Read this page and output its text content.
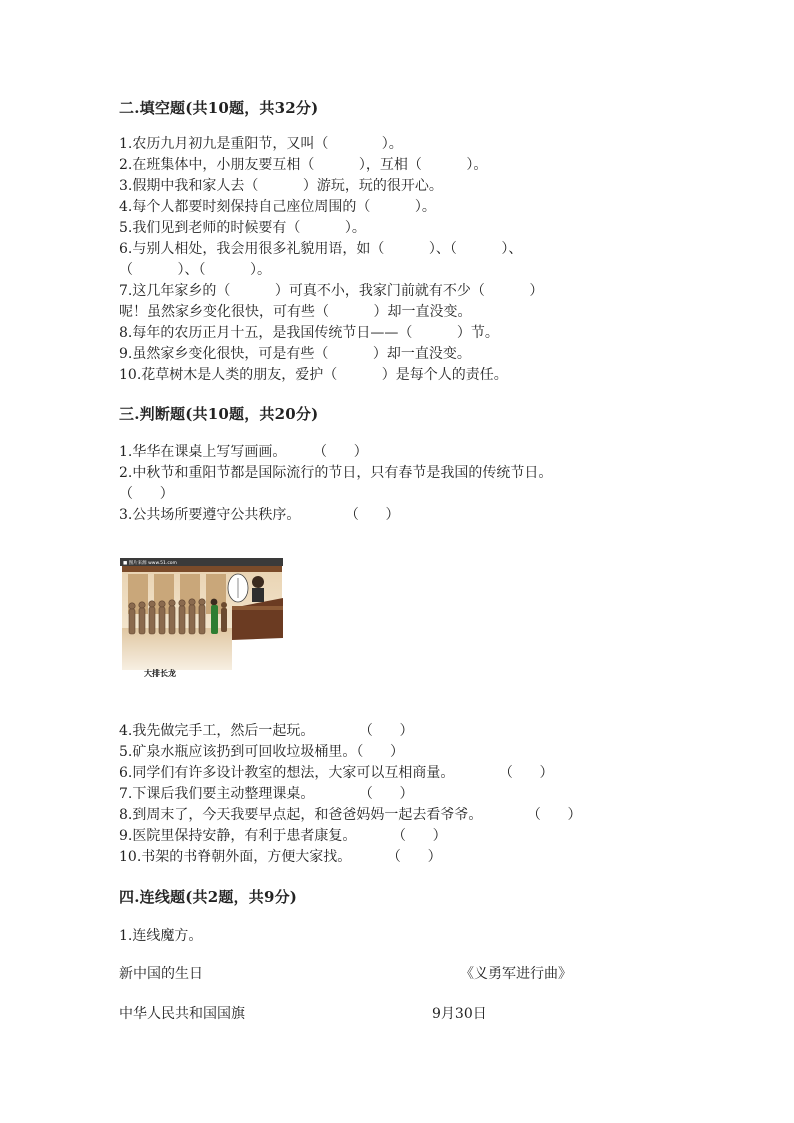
二.填空题(共10题，共32分)
1.农历九月初九是重阳节，又叫（            ）。
2.在班集体中，小朋友要互相（          ），互相（          ）。
3.假期中我和家人去（          ）游玩，玩的很开心。
4.每个人都要时刻保持自己座位周围的（          ）。
5.我们见到老师的时候要有（          ）。
6.与别人相处，我会用很多礼貌用语，如（          ）、（          ）、
（          ）、（          ）。
7.这几年家乡的（          ）可真不小，我家门前就有不少（          ）
呢！虽然家乡变化很快，可有些（          ）却一直没变。
8.每年的农历正月十五，是我国传统节日——（          ）节。
9.虽然家乡变化很快，可是有些（          ）却一直没变。
10.花草树木是人类的朋友，爱护（          ）是每个人的责任。
三.判断题(共10题，共20分)
1.华华在课桌上写写画画。      （      ）
2.中秋节和重阳节都是国际流行的节日，只有春节是我国的传统节日。
（      ）
3.公共场所要遵守公共秩序。          （      ）
■ 图片来源 www.51.com
大排长龙
4.我先做完手工，然后一起玩。          （      ）
5.矿泉水瓶应该扔到可回收垃圾桶里。（      ）
6.同学们有许多设计教室的想法，大家可以互相商量。          （      ）
7.下课后我们要主动整理课桌。          （      ）
8.到周末了，今天我要早点起，和爸爸妈妈一起去看爷爷。          （      ）
9.医院里保持安静，有利于患者康复。        （      ）
10.书架的书脊朝外面，方便大家找。        （      ）
四.连线题(共2题，共9分)
1.连线魔方。
新中国的生日	《义勇军进行曲》
中华人民共和国国旗	9月30日
